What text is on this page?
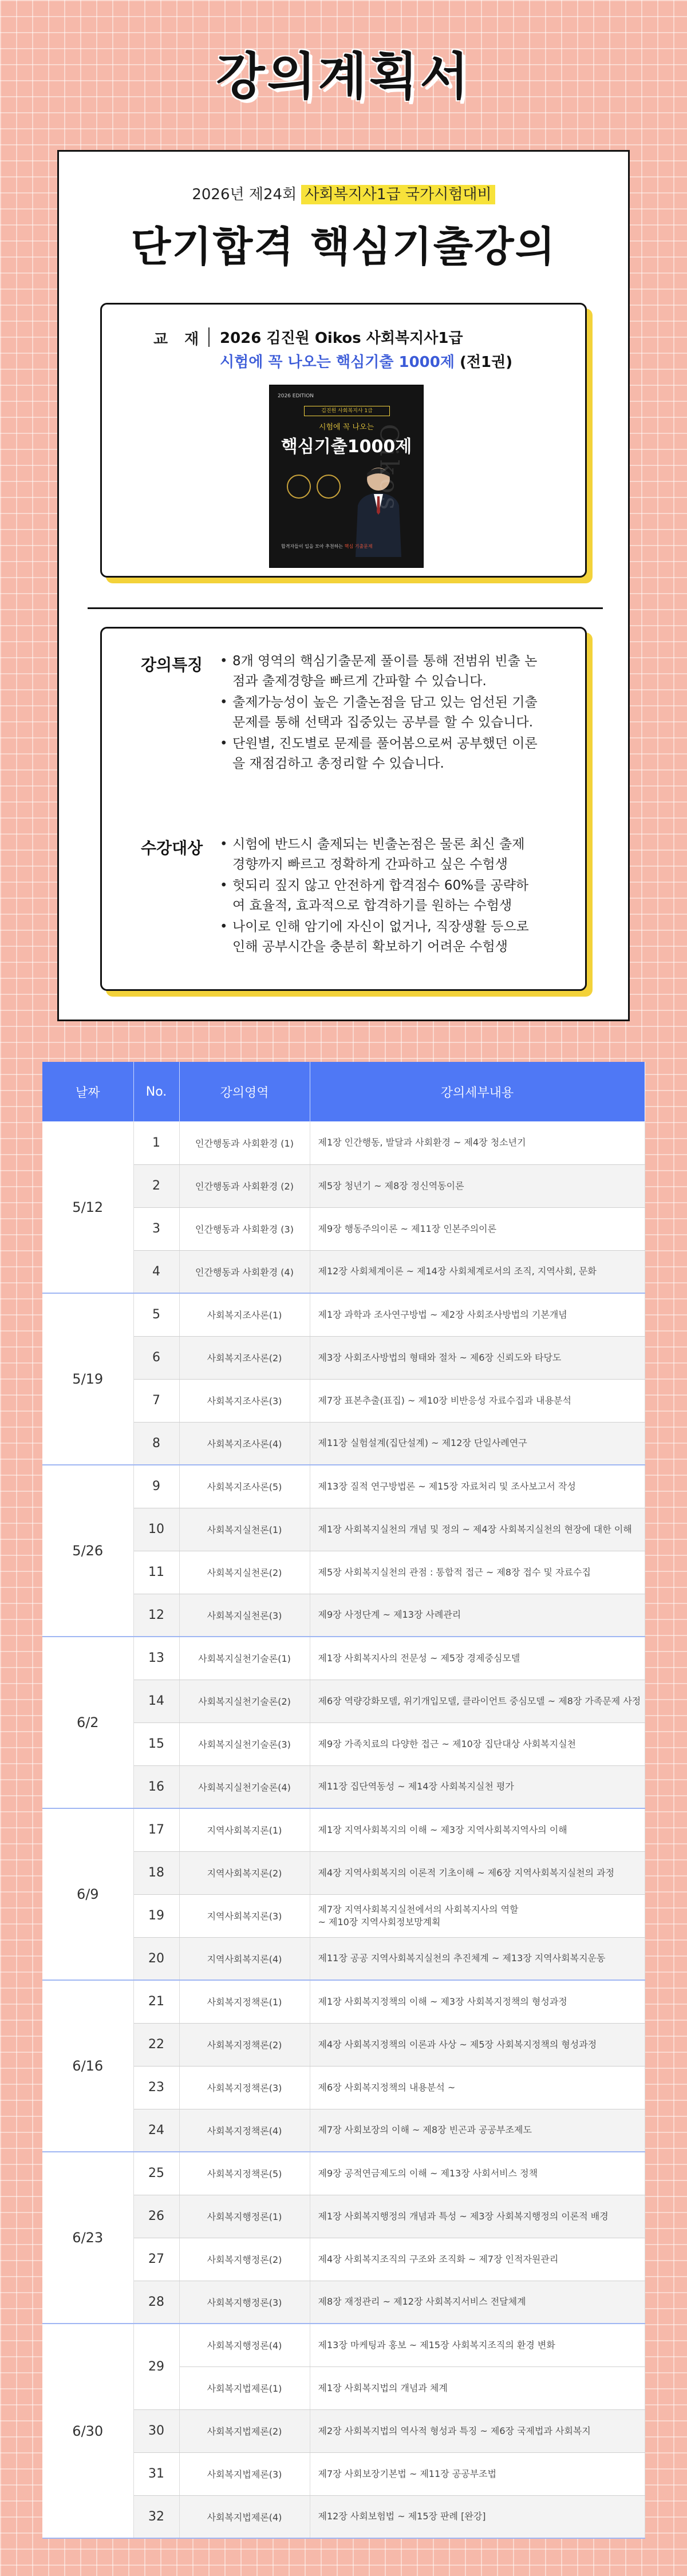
강의계획서
2026년 제24회 사회복지사1급 국가시험대비
단기합격 핵심기출강의
교 재 2026 김진원 Oikos 사회복지사1급
시험에 꼭 나오는 핵심기출 1000제 (전1권)
2026 EDITION
김진원 사회복지사 1급
시험에 꼭 나오는
핵심기출1000제
합격자들이 입을 모아 추천하는 핵심 기출문제
Oikos
강의특징	• 8개 영역의 핵심기출문제 풀이를 통해 전범위 빈출 논점과 출제경향을 빠르게 간파할 수 있습니다.
• 출제가능성이 높은 기출논점을 담고 있는 엄선된 기출문제를 통해 선택과 집중있는 공부를 할 수 있습니다.
• 단원별, 진도별로 문제를 풀어봄으로써 공부했던 이론을 재점검하고 총정리할 수 있습니다.
수강대상	• 시험에 반드시 출제되는 빈출논점은 물론 최신 출제 경향까지 빠르고 정확하게 간파하고 싶은 수험생
• 헛되리 짚지 않고 안전하게 합격점수 60%를 공략하여 효율적, 효과적으로 합격하기를 원하는 수험생
• 나이로 인해 암기에 자신이 없거나, 직장생활 등으로 인해 공부시간을 충분히 확보하기 어려운 수험생
날짜	No.	강의영역	강의세부내용
5/12	1	인간행동과 사회환경 (1)	제1장 인간행동, 발달과 사회환경 ~ 제4장 청소년기
	2	인간행동과 사회환경 (2)	제5장 청년기 ~ 제8장 정신역동이론
	3	인간행동과 사회환경 (3)	제9장 행동주의이론 ~ 제11장 인본주의이론
	4	인간행동과 사회환경 (4)	제12장 사회체계이론 ~ 제14장 사회체계로서의 조직, 지역사회, 문화
5/19	5	사회복지조사론(1)	제1장 과학과 조사연구방법 ~ 제2장 사회조사방법의 기본개념
	6	사회복지조사론(2)	제3장 사회조사방법의 형태와 절차 ~ 제6장 신뢰도와 타당도
	7	사회복지조사론(3)	제7장 표본추출(표집) ~ 제10장 비반응성 자료수집과 내용분석
	8	사회복지조사론(4)	제11장 실험설계(집단설계) ~ 제12장 단일사례연구
5/26	9	사회복지조사론(5)	제13장 질적 연구방법론 ~ 제15장 자료처리 및 조사보고서 작성
	10	사회복지실천론(1)	제1장 사회복지실천의 개념 및 정의 ~ 제4장 사회복지실천의 현장에 대한 이해
	11	사회복지실천론(2)	제5장 사회복지실천의 관점 : 통합적 접근 ~ 제8장 접수 및 자료수집
	12	사회복지실천론(3)	제9장 사정단계 ~ 제13장 사례관리
6/2	13	사회복지실천기술론(1)	제1장 사회복지사의 전문성 ~ 제5장 경제중심모델
	14	사회복지실천기술론(2)	제6장 역량강화모델, 위기개입모델, 클라이언트 중심모델 ~ 제8장 가족문제 사정
	15	사회복지실천기술론(3)	제9장 가족치료의 다양한 접근 ~ 제10장 집단대상 사회복지실천
	16	사회복지실천기술론(4)	제11장 집단역동성 ~ 제14장 사회복지실천 평가
6/9	17	지역사회복지론(1)	제1장 지역사회복지의 이해 ~ 제3장 지역사회복지역사의 이해
	18	지역사회복지론(2)	제4장 지역사회복지의 이론적 기초이해 ~ 제6장 지역사회복지실천의 과정
	19	지역사회복지론(3)	제7장 지역사회복지실천에서의 사회복지사의 역할
~ 제10장 지역사회정보망계획
	20	지역사회복지론(4)	제11장 공공 지역사회복지실천의 추진체계 ~ 제13장 지역사회복지운동
6/16	21	사회복지정책론(1)	제1장 사회복지정책의 이해 ~ 제3장 사회복지정책의 형성과정
	22	사회복지정책론(2)	제4장 사회복지정책의 이론과 사상 ~ 제5장 사회복지정책의 형성과정
	23	사회복지정책론(3)	제6장 사회복지정책의 내용분석 ~
	24	사회복지정책론(4)	제7장 사회보장의 이해 ~ 제8장 빈곤과 공공부조제도
6/23	25	사회복지정책론(5)	제9장 공적연금제도의 이해 ~ 제13장 사회서비스 정책
	26	사회복지행정론(1)	제1장 사회복지행정의 개념과 특성 ~ 제3장 사회복지행정의 이론적 배경
	27	사회복지행정론(2)	제4장 사회복지조직의 구조와 조직화 ~ 제7장 인적자원관리
	28	사회복지행정론(3)	제8장 재정관리 ~ 제12장 사회복지서비스 전달체계
6/30	29	사회복지행정론(4)	제13장 마케팅과 홍보 ~ 제15장 사회복지조직의 환경 변화
		사회복지법제론(1)	제1장 사회복지법의 개념과 체계
	30	사회복지법제론(2)	제2장 사회복지법의 역사적 형성과 특징 ~ 제6장 국제법과 사회복지
	31	사회복지법제론(3)	제7장 사회보장기본법 ~ 제11장 공공부조법
	32	사회복지법제론(4)	제12장 사회보험법 ~ 제15장 판례 [완강]
